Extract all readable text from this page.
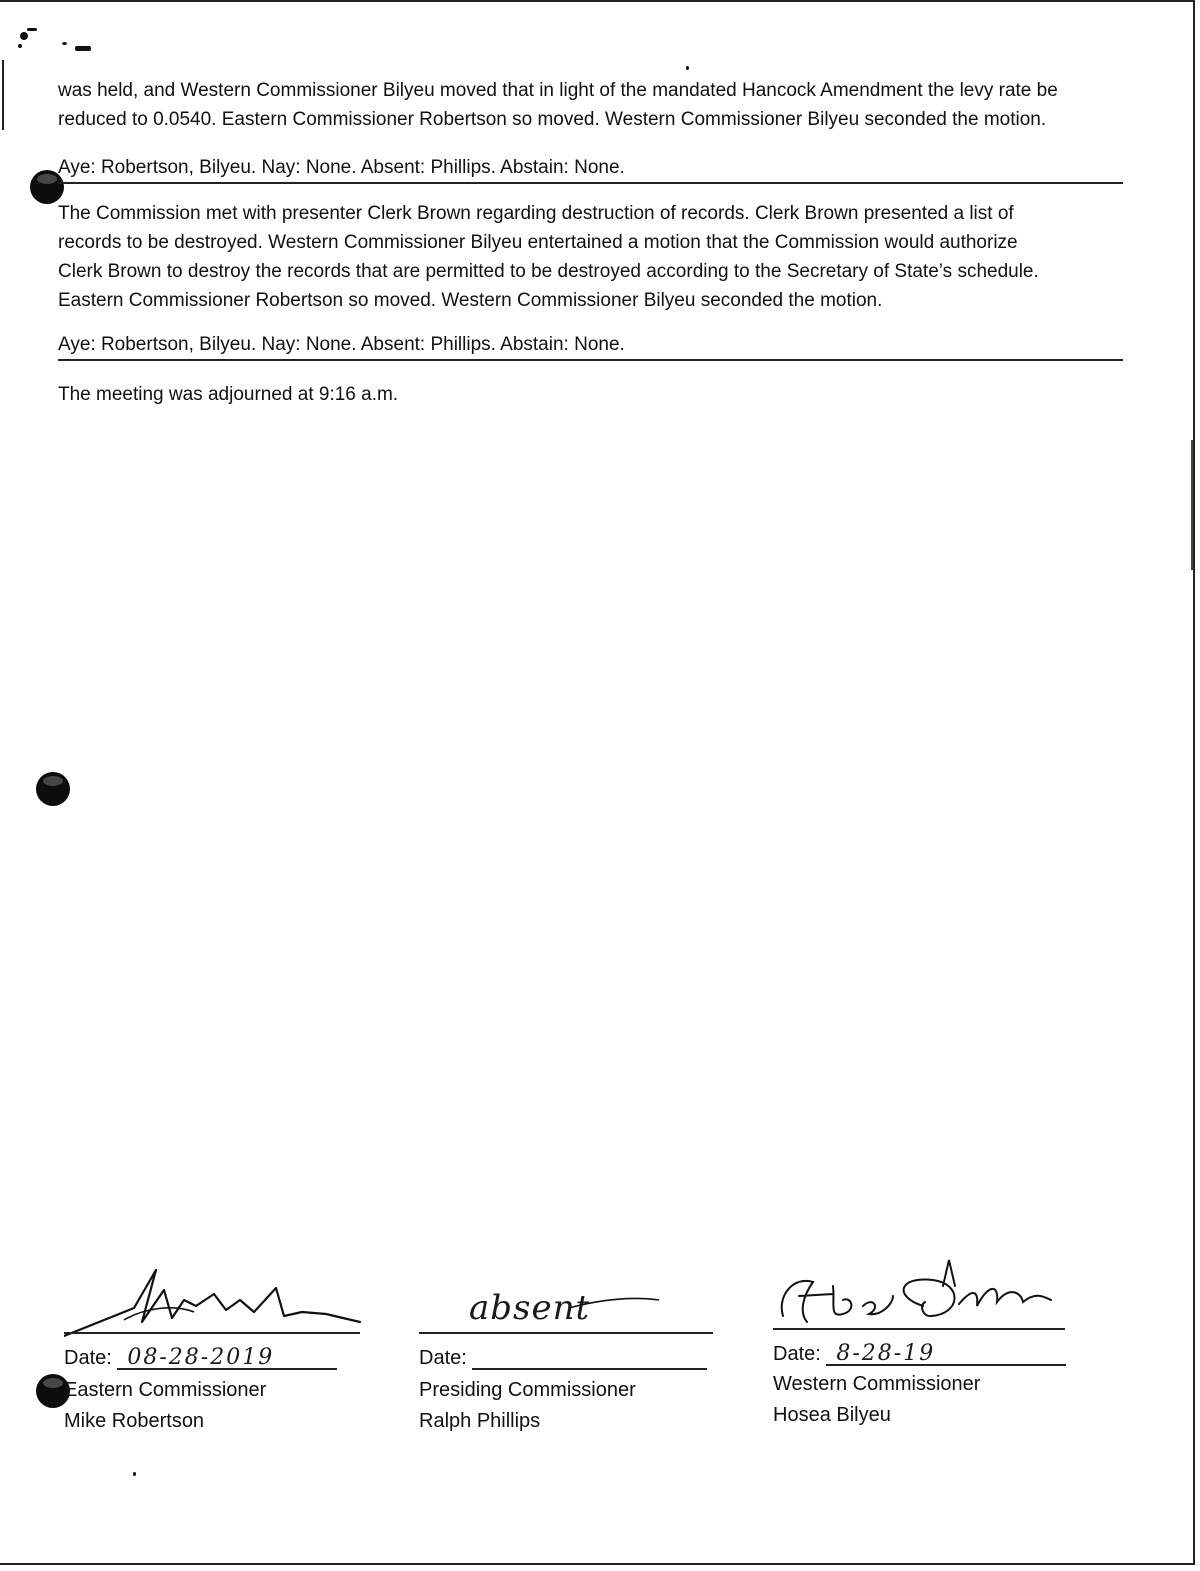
was held, and Western Commissioner Bilyeu moved that in light of the mandated Hancock Amendment the levy rate be
reduced to 0.0540. Eastern Commissioner Robertson so moved. Western Commissioner Bilyeu seconded the motion.

Aye: Robertson, Bilyeu. Nay: None. Absent: Phillips. Abstain: None.

The Commission met with presenter Clerk Brown regarding destruction of records. Clerk Brown presented a list of
records to be destroyed. Western Commissioner Bilyeu entertained a motion that the Commission would authorize
Clerk Brown to destroy the records that are permitted to be destroyed according to the Secretary of State’s schedule.
Eastern Commissioner Robertson so moved. Western Commissioner Bilyeu seconded the motion.

Aye: Robertson, Bilyeu. Nay: None. Absent: Phillips. Abstain: None.

The meeting was adjourned at 9:16 a.m.

Date: 08-28-2019
Eastern Commissioner
Mike Robertson
absent
Date:
Presiding Commissioner
Ralph Phillips
Date: 8-28-19
Western Commissioner
Hosea Bilyeu
